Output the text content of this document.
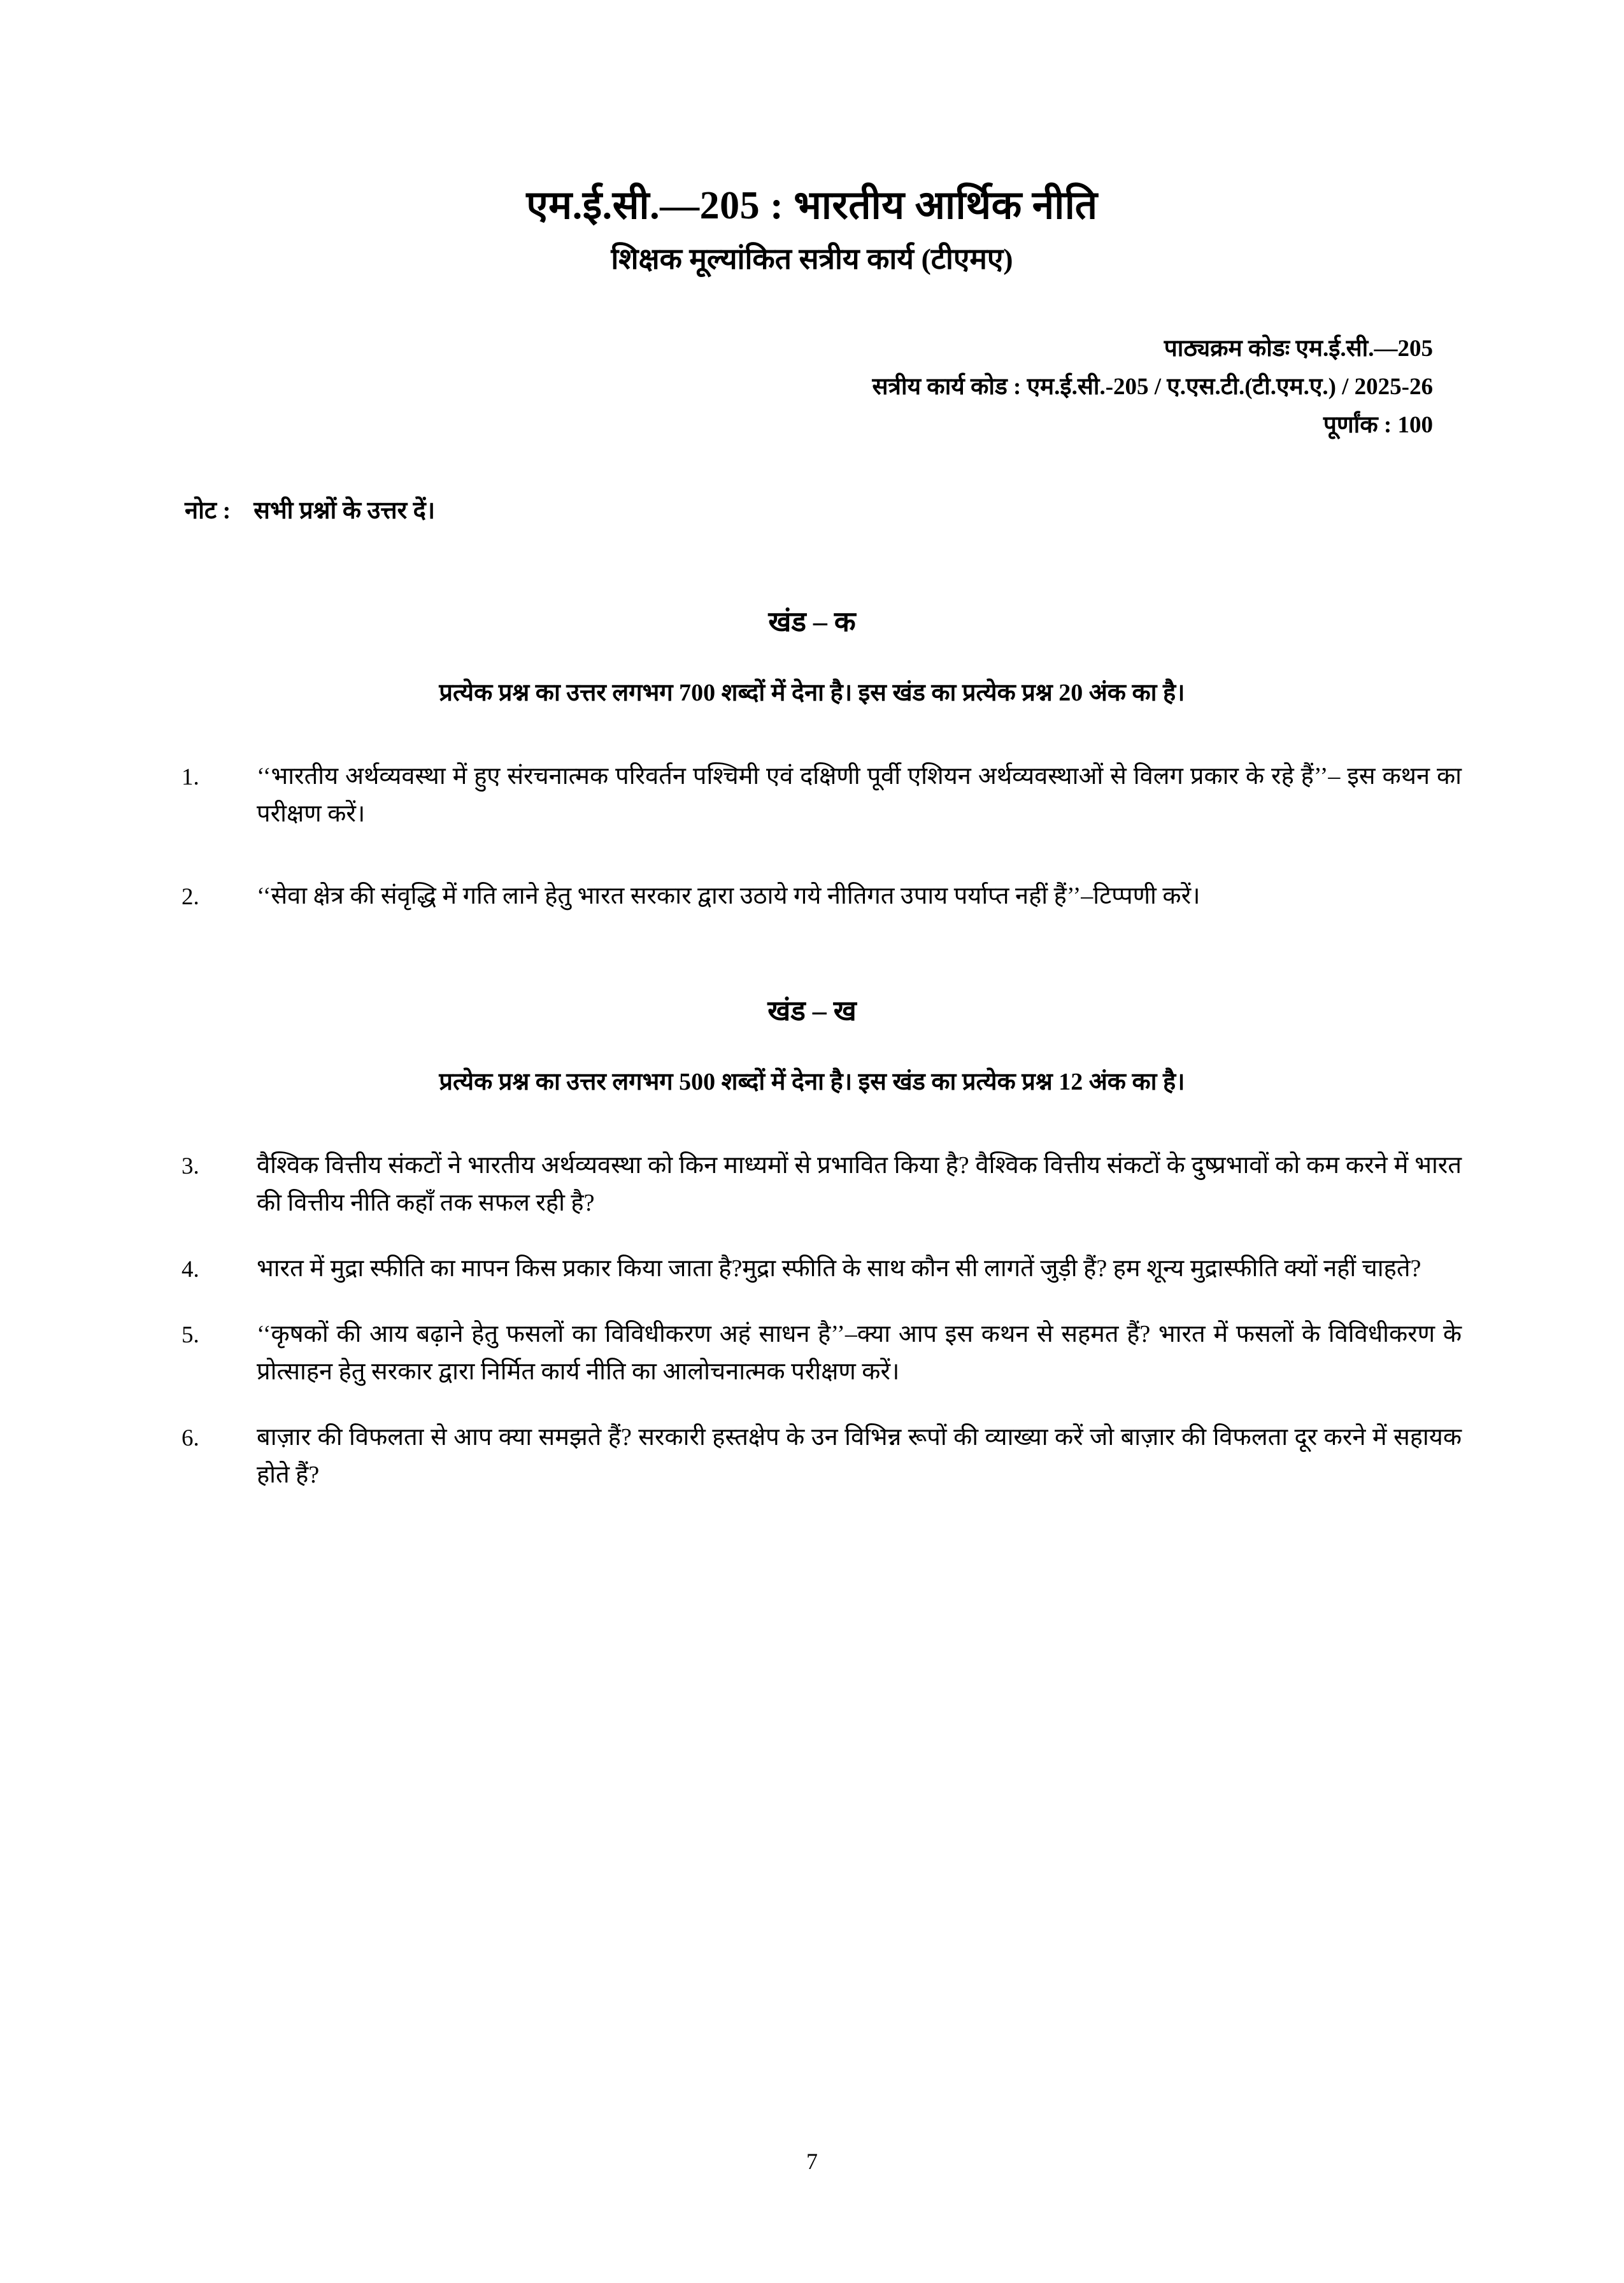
एम.ई.सी.—205 : भारतीय आर्थिक नीति
शिक्षक मूल्यांकित सत्रीय कार्य (टीएमए)
पाठ्यक्रम कोडः एम.ई.सी.—205
सत्रीय कार्य कोड : एम.ई.सी.-205 / ए.एस.टी.(टी.एम.ए.) / 2025-26
पूर्णांक : 100
नोट : सभी प्रश्नों के उत्तर दें।
खंड – क
प्रत्येक प्रश्न का उत्तर लगभग 700 शब्दों में देना है। इस खंड का प्रत्येक प्रश्न 20 अंक का है।
1.	‘‘भारतीय अर्थव्यवस्था में हुए संरचनात्मक परिवर्तन पश्चिमी एवं दक्षिणी पूर्वी एशियन अर्थव्यवस्थाओं से विलग प्रकार के रहे हैं’’– इस कथन का परीक्षण करें।
2.	‘‘सेवा क्षेत्र की संवृद्धि में गति लाने हेतु भारत सरकार द्वारा उठाये गये नीतिगत उपाय पर्याप्त नहीं हैं’’–टिप्पणी करें।
खंड – ख
प्रत्येक प्रश्न का उत्तर लगभग 500 शब्दों में देना है। इस खंड का प्रत्येक प्रश्न 12 अंक का है।
3.	वैश्विक वित्तीय संकटों ने भारतीय अर्थव्यवस्था को किन माध्यमों से प्रभावित किया है? वैश्विक वित्तीय संकटों के दुष्प्रभावों को कम करने में भारत की वित्तीय नीति कहाँ तक सफल रही है?
4.	भारत में मुद्रा स्फीति का मापन किस प्रकार किया जाता है?मुद्रा स्फीति के साथ कौन सी लागतें जुड़ी हैं? हम शून्य मुद्रास्फीति क्यों नहीं चाहते?
5.	‘‘कृषकों की आय बढ़ाने हेतु फसलों का विविधीकरण अहं साधन है’’–क्या आप इस कथन से सहमत हैं? भारत में फसलों के विविधीकरण के प्रोत्साहन हेतु सरकार द्वारा निर्मित कार्य नीति का आलोचनात्मक परीक्षण करें।
6.	बाज़ार की विफलता से आप क्या समझते हैं? सरकारी हस्तक्षेप के उन विभिन्न रूपों की व्याख्या करें जो बाज़ार की विफलता दूर करने में सहायक होते हैं?
7
